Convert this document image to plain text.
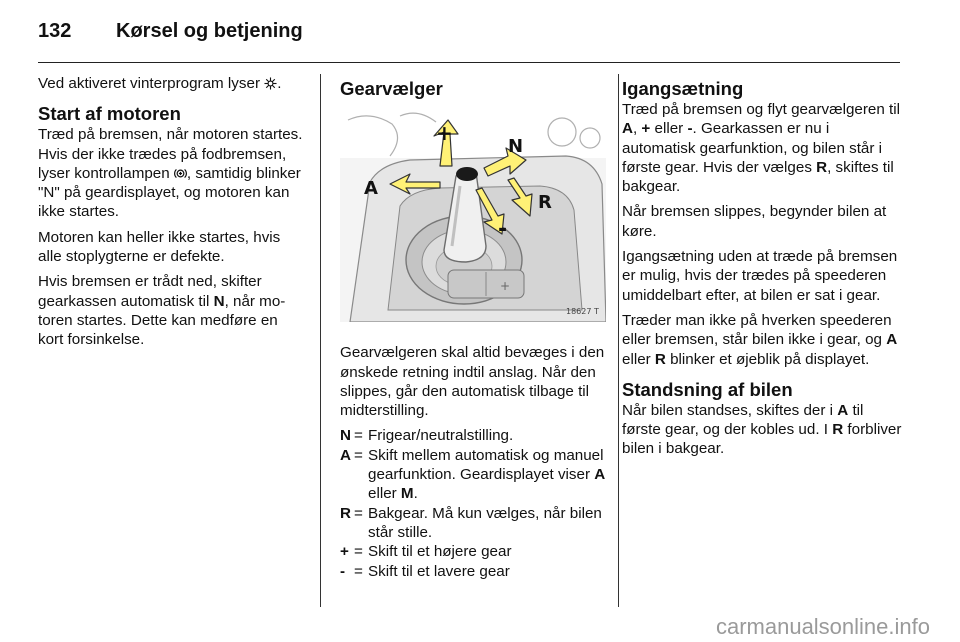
132 Kørsel og betjening

Ved aktiveret vinterprogram lyser .

Start af motoren

Træd på bremsen, når motoren startes. Hvis der ikke trædes på fodbremsen, lyser kontrollampen , samtidig blinker "N" på geardisplayet, og motoren kan ikke startes.

Motoren kan heller ikke startes, hvis alle stoplygterne er defekte.

Hvis bremsen er trådt ned, skifter gearkassen automatisk til N, når motoren startes. Dette kan medføre en kort forsinkelse.

Gearvælger
+
+
-
N
A
R
18627 T

Gearvælgeren skal altid bevæges i den ønskede retning indtil anslag. Når den slippes, går den automatisk tilbage til midterstilling.

N = Frigear/neutralstilling.
A = Skift mellem automatisk og manuel gearfunktion. Geardisplayet viser A eller M.
R = Bakgear. Må kun vælges, når bilen står stille.
+ = Skift til et højere gear
- = Skift til et lavere gear
Igangsætning

Træd på bremsen og flyt gearvælgeren til A, + eller -. Gearkassen er nu i automatisk gearfunktion, og bilen står i første gear. Hvis der vælges R, skiftes til bakgear.

Når bremsen slippes, begynder bilen at køre.

Igangsætning uden at træde på bremsen er mulig, hvis der trædes på speederen umiddelbart efter, at bilen er sat i gear.

Træder man ikke på hverken speederen eller bremsen, står bilen ikke i gear, og A eller R blinker et øjeblik på displayet.

Standsning af bilen

Når bilen standses, skiftes der i A til første gear, og der kobles ud. I R forbliver bilen i bakgear.

carmanualsonline.info
